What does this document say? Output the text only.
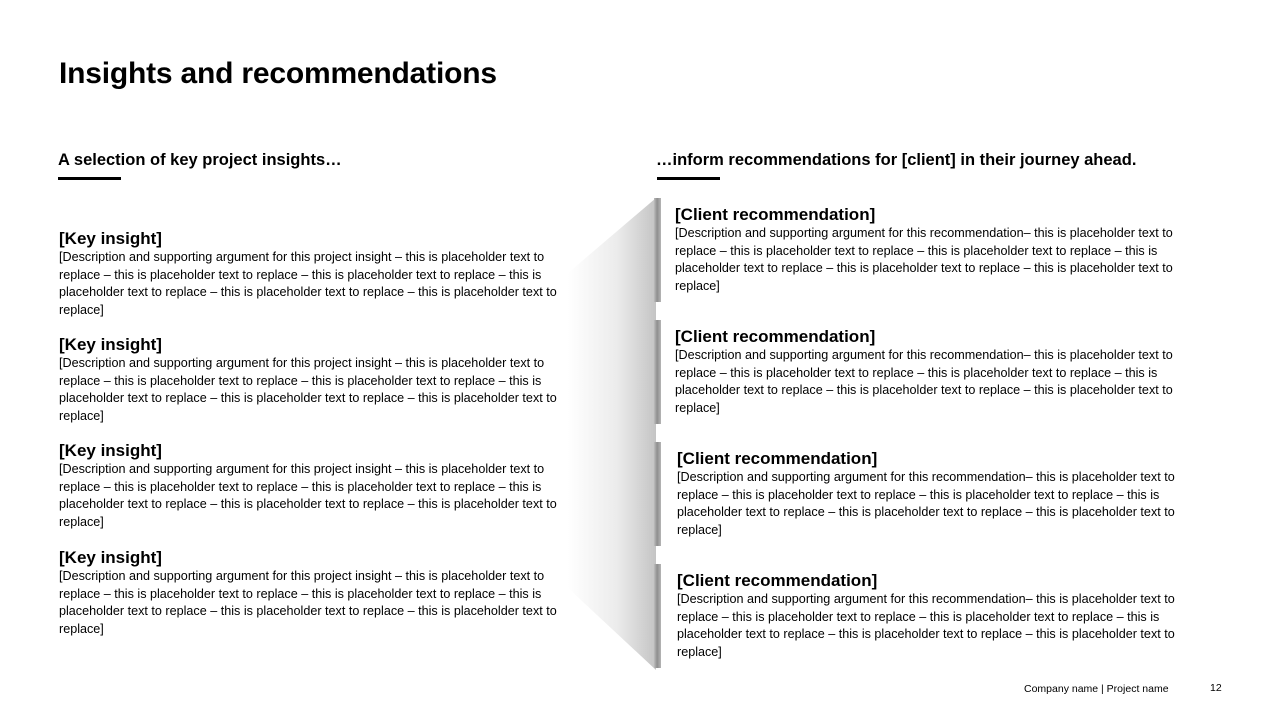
Insights and recommendations
A selection of key project insights…	…inform recommendations for [client] in their journey ahead.
[Key insight]
[Description and supporting argument for this project insight – this is placeholder text to replace – this is placeholder text to replace – this is placeholder text to replace – this is placeholder text to replace – this is placeholder text to replace – this is placeholder text to replace]
[Key insight]
[Description and supporting argument for this project insight – this is placeholder text to replace – this is placeholder text to replace – this is placeholder text to replace – this is placeholder text to replace – this is placeholder text to replace – this is placeholder text to replace]
[Key insight]
[Description and supporting argument for this project insight – this is placeholder text to replace – this is placeholder text to replace – this is placeholder text to replace – this is placeholder text to replace – this is placeholder text to replace – this is placeholder text to replace]
[Key insight]
[Description and supporting argument for this project insight – this is placeholder text to replace – this is placeholder text to replace – this is placeholder text to replace – this is placeholder text to replace – this is placeholder text to replace – this is placeholder text to replace]
[Client recommendation]
[Description and supporting argument for this recommendation– this is placeholder text to replace – this is placeholder text to replace – this is placeholder text to replace – this is placeholder text to replace – this is placeholder text to replace – this is placeholder text to replace]
[Client recommendation]
[Description and supporting argument for this recommendation– this is placeholder text to replace – this is placeholder text to replace – this is placeholder text to replace – this is placeholder text to replace – this is placeholder text to replace – this is placeholder text to replace]
[Client recommendation]
[Description and supporting argument for this recommendation– this is placeholder text to replace – this is placeholder text to replace – this is placeholder text to replace – this is placeholder text to replace – this is placeholder text to replace – this is placeholder text to replace]
[Client recommendation]
[Description and supporting argument for this recommendation– this is placeholder text to replace – this is placeholder text to replace – this is placeholder text to replace – this is placeholder text to replace – this is placeholder text to replace – this is placeholder text to replace]
Company name | Project name	12
